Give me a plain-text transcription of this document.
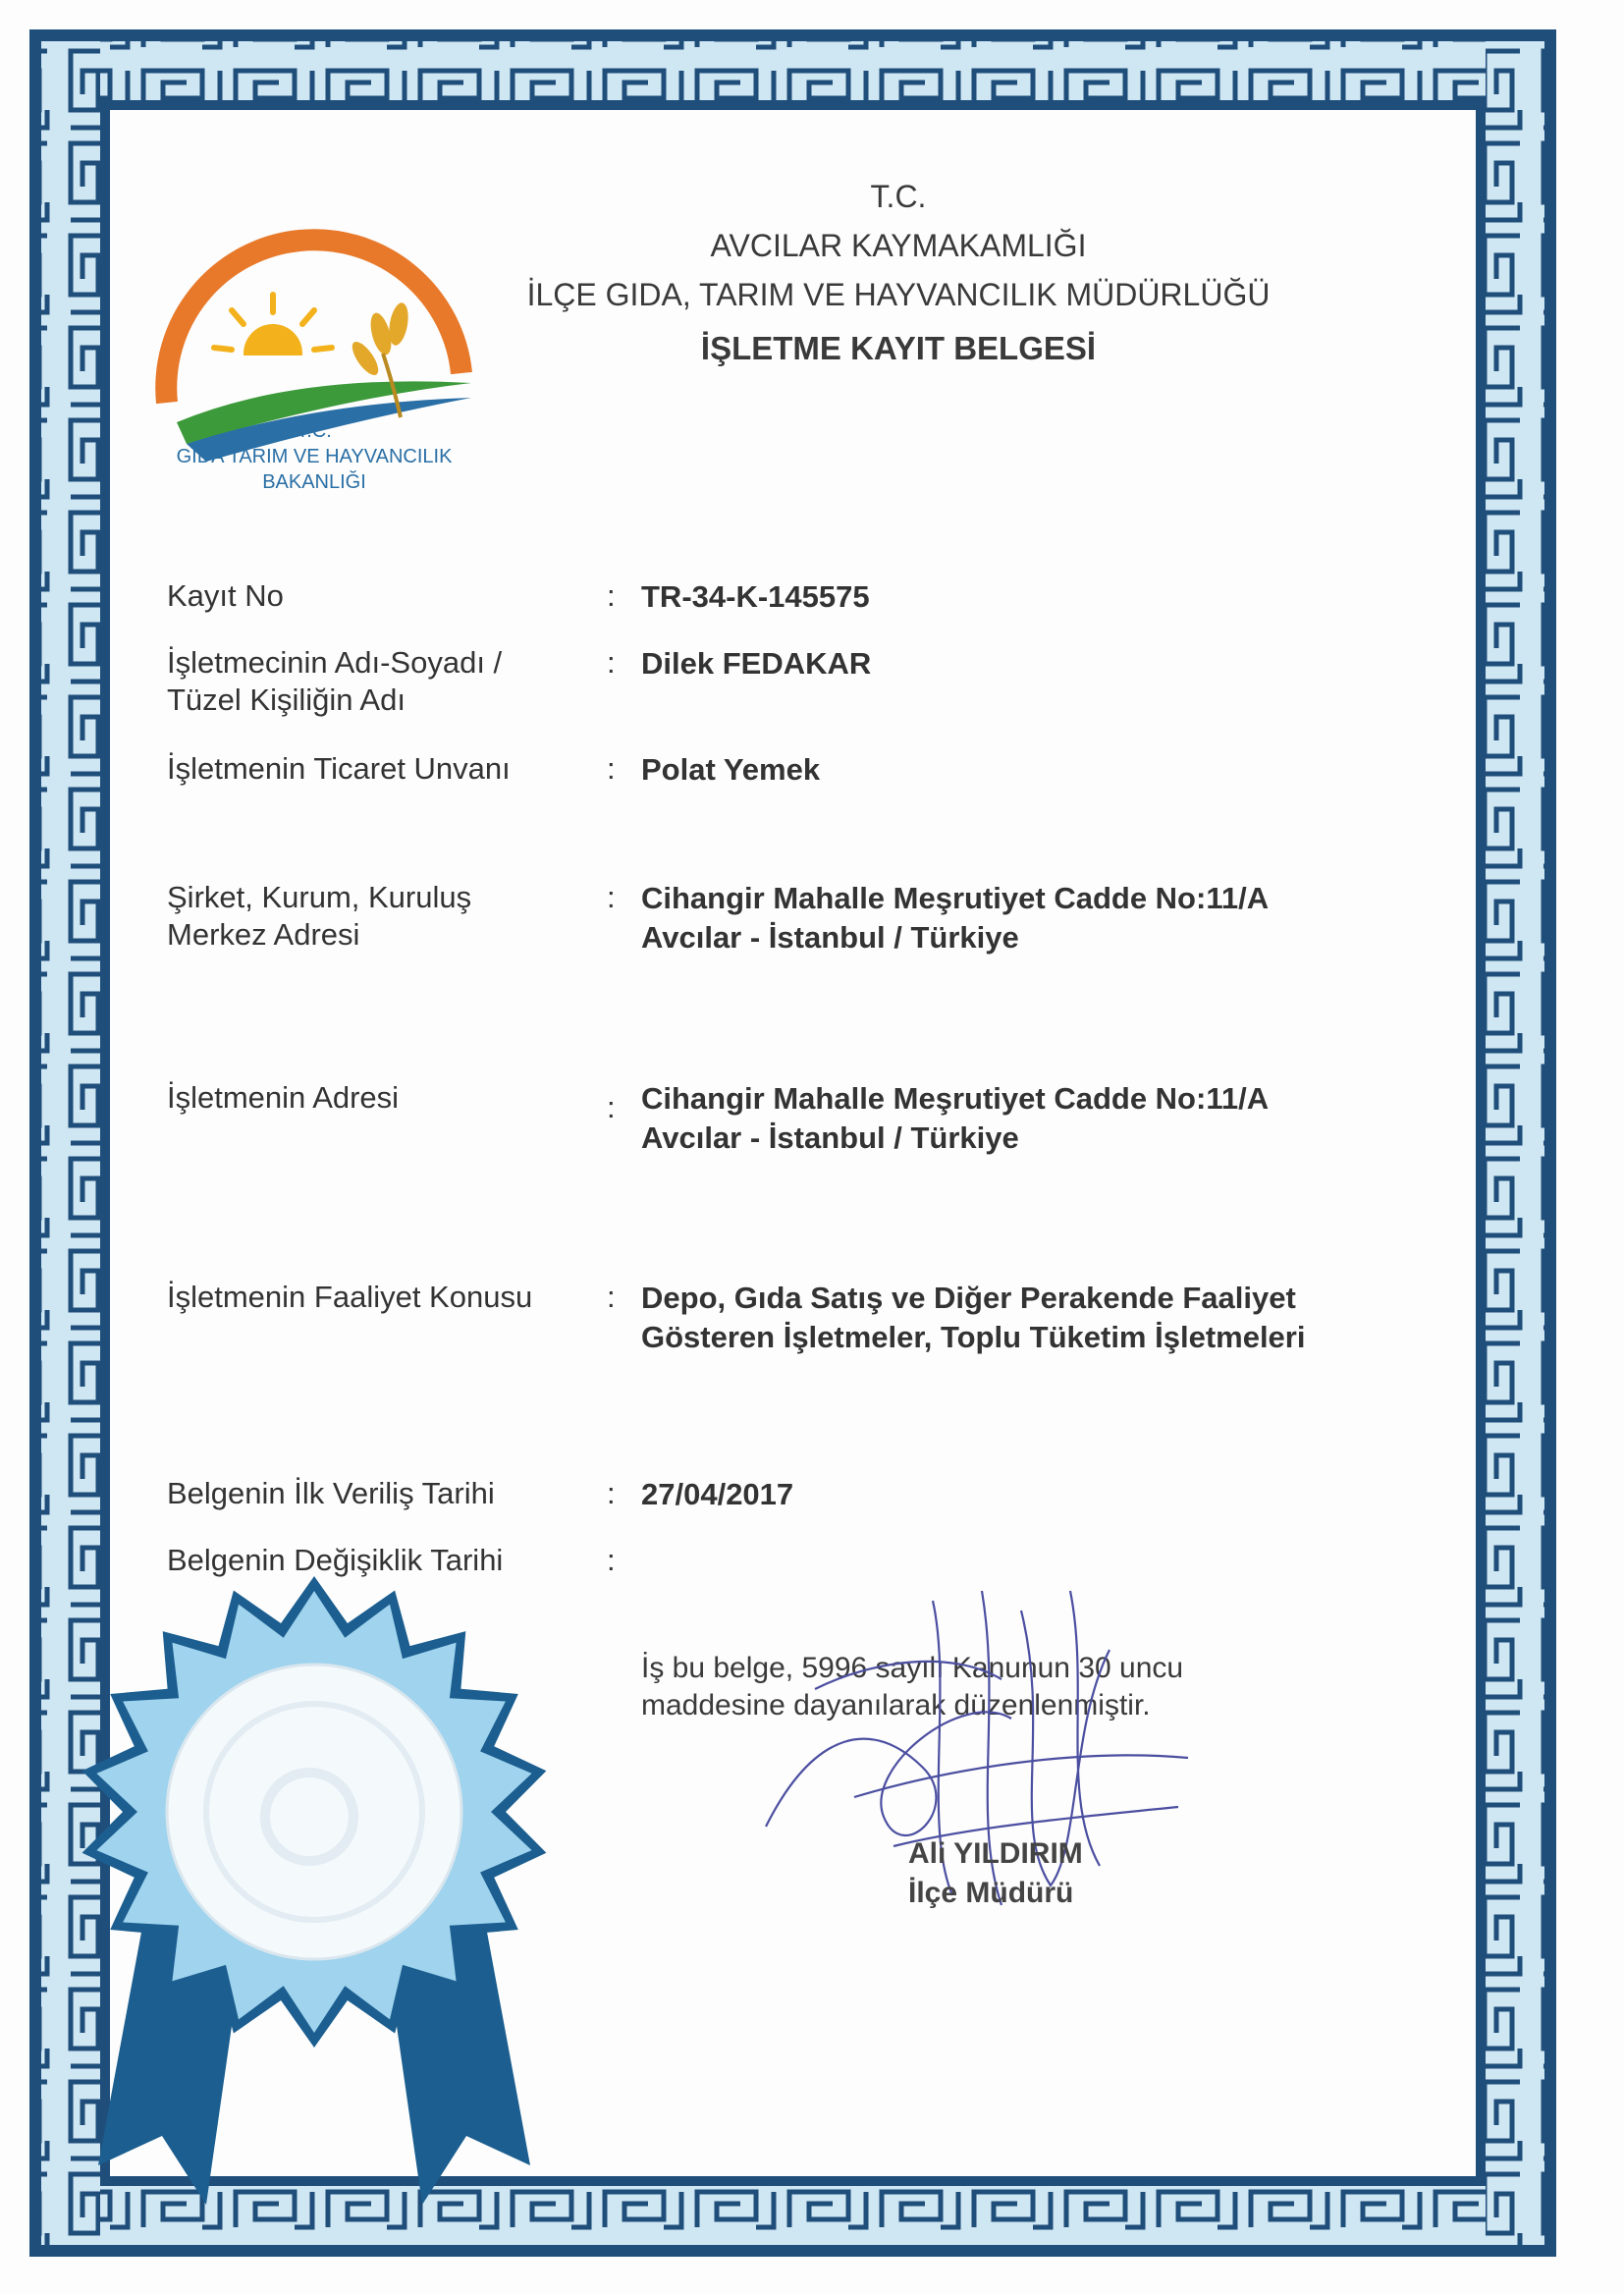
T.C.
GIDA TARIM VE HAYVANCILIK
BAKANLIĞI
T.C.
AVCILAR KAYMAKAMLIĞI
İLÇE GIDA, TARIM VE HAYVANCILIK MÜDÜRLÜĞÜ
İŞLETME KAYIT BELGESİ
Kayıt No	: TR-34-K-145575
İşletmecinin Adı-Soyadı /
Tüzel Kişiliğin Adı
: Dilek FEDAKAR
İşletmenin Ticaret Unvanı	: Polat Yemek
Şirket, Kurum, Kuruluş
Merkez Adresi
: Cihangir Mahalle Meşrutiyet Cadde No:11/A
Avcılar - İstanbul / Türkiye
İşletmenin Adresi	: Cihangir Mahalle Meşrutiyet Cadde No:11/A
Avcılar - İstanbul / Türkiye
İşletmenin Faaliyet Konusu	: Depo, Gıda Satış ve Diğer Perakende Faaliyet
Gösteren İşletmeler, Toplu Tüketim İşletmeleri
Belgenin İlk Veriliş Tarihi	: 27/04/2017
Belgenin Değişiklik Tarihi	:
İş bu belge, 5996 sayılı Kanunun 30 uncu
maddesine dayanılarak düzenlenmiştir.
Ali YILDIRIM
İlçe Müdürü
